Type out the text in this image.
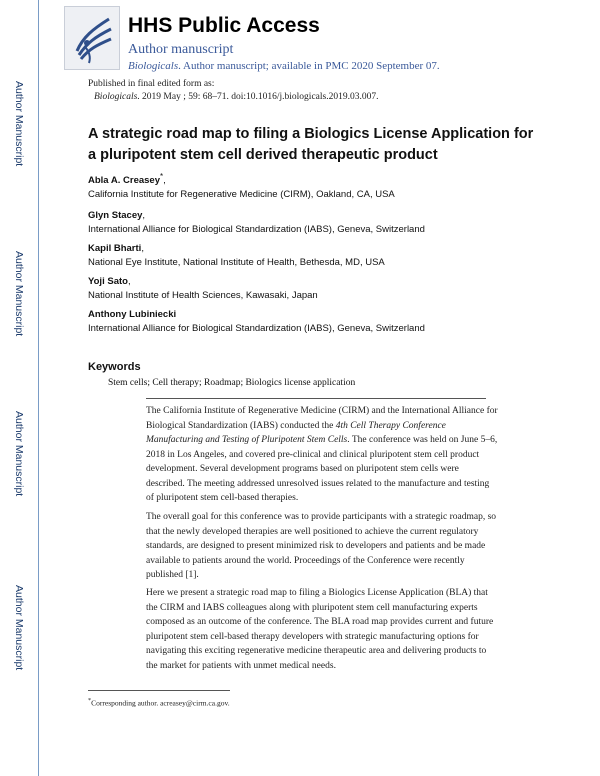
Author Manuscript
Author Manuscript
Author Manuscript
Author Manuscript
HHS Public Access
Author manuscript
Biologicals. Author manuscript; available in PMC 2020 September 07.
Published in final edited form as:
Biologicals. 2019 May ; 59: 68–71. doi:10.1016/j.biologicals.2019.03.007.
A strategic road map to filing a Biologics License Application for a pluripotent stem cell derived therapeutic product
Abla A. Creasey*,
California Institute for Regenerative Medicine (CIRM), Oakland, CA, USA
Glyn Stacey,
International Alliance for Biological Standardization (IABS), Geneva, Switzerland
Kapil Bharti,
National Eye Institute, National Institute of Health, Bethesda, MD, USA
Yoji Sato,
National Institute of Health Sciences, Kawasaki, Japan
Anthony Lubiniecki
International Alliance for Biological Standardization (IABS), Geneva, Switzerland
Keywords
Stem cells; Cell therapy; Roadmap; Biologics license application
The California Institute of Regenerative Medicine (CIRM) and the International Alliance for Biological Standardization (IABS) conducted the 4th Cell Therapy Conference Manufacturing and Testing of Pluripotent Stem Cells. The conference was held on June 5–6, 2018 in Los Angeles, and covered pre-clinical and clinical pluripotent stem cell product development. Several development programs based on pluripotent stem cells were described. The meeting addressed unresolved issues related to the manufacture and testing of pluripotent stem cell-based therapies.
The overall goal for this conference was to provide participants with a strategic roadmap, so that the newly developed therapies are well positioned to achieve the current regulatory standards, are designed to present minimized risk to developers and patients and be made available to patients around the world. Proceedings of the Conference were recently published [1].
Here we present a strategic road map to filing a Biologics License Application (BLA) that the CIRM and IABS colleagues along with pluripotent stem cell manufacturing experts composed as an outcome of the conference. The BLA road map provides current and future pluripotent stem cell-based therapy developers with strategic manufacturing options for navigating this exciting regenerative medicine therapeutic area and delivering products to the market for patients with unmet medical needs.
*Corresponding author. acreasey@cirm.ca.gov.
